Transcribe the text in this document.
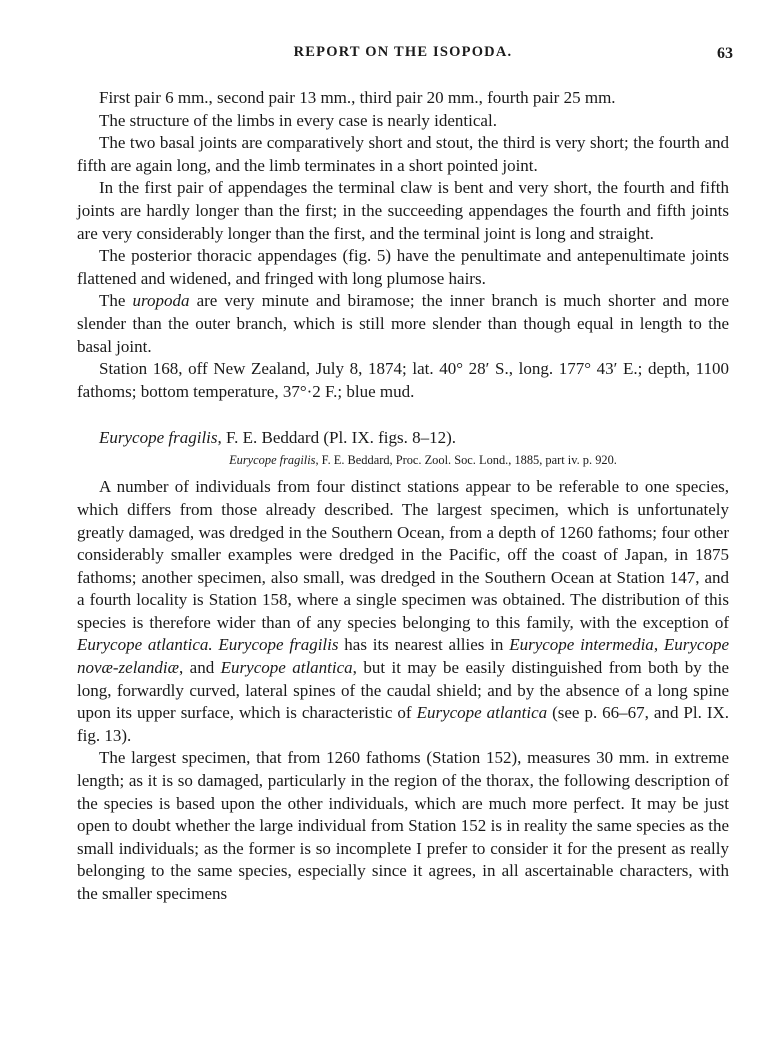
REPORT ON THE ISOPODA.	63

First pair 6 mm., second pair 13 mm., third pair 20 mm., fourth pair 25 mm.

The structure of the limbs in every case is nearly identical.

The two basal joints are comparatively short and stout, the third is very short; the fourth and fifth are again long, and the limb terminates in a short pointed joint.

In the first pair of appendages the terminal claw is bent and very short, the fourth and fifth joints are hardly longer than the first; in the succeeding appendages the fourth and fifth joints are very considerably longer than the first, and the terminal joint is long and straight.

The posterior thoracic appendages (fig. 5) have the penultimate and antepenultimate joints flattened and widened, and fringed with long plumose hairs.

The uropoda are very minute and biramose; the inner branch is much shorter and more slender than the outer branch, which is still more slender than though equal in length to the basal joint.

Station 168, off New Zealand, July 8, 1874; lat. 40° 28′ S., long. 177° 43′ E.; depth, 1100 fathoms; bottom temperature, 37°·2 F.; blue mud.

Eurycope fragilis, F. E. Beddard (Pl. IX. figs. 8–12).
Eurycope fragilis, F. E. Beddard, Proc. Zool. Soc. Lond., 1885, part iv. p. 920.

A number of individuals from four distinct stations appear to be referable to one species, which differs from those already described. The largest specimen, which is unfortunately greatly damaged, was dredged in the Southern Ocean, from a depth of 1260 fathoms; four other considerably smaller examples were dredged in the Pacific, off the coast of Japan, in 1875 fathoms; another specimen, also small, was dredged in the Southern Ocean at Station 147, and a fourth locality is Station 158, where a single specimen was obtained. The distribution of this species is therefore wider than of any species belonging to this family, with the exception of Eurycope atlantica. Eurycope fragilis has its nearest allies in Eurycope intermedia, Eurycope novæ-zelandiæ, and Eurycope atlantica, but it may be easily distinguished from both by the long, forwardly curved, lateral spines of the caudal shield; and by the absence of a long spine upon its upper surface, which is characteristic of Eurycope atlantica (see p. 66–67, and Pl. IX. fig. 13).

The largest specimen, that from 1260 fathoms (Station 152), measures 30 mm. in extreme length; as it is so damaged, particularly in the region of the thorax, the following description of the species is based upon the other individuals, which are much more perfect. It may be just open to doubt whether the large individual from Station 152 is in reality the same species as the small individuals; as the former is so incomplete I prefer to consider it for the present as really belonging to the same species, especially since it agrees, in all ascertainable characters, with the smaller specimens
